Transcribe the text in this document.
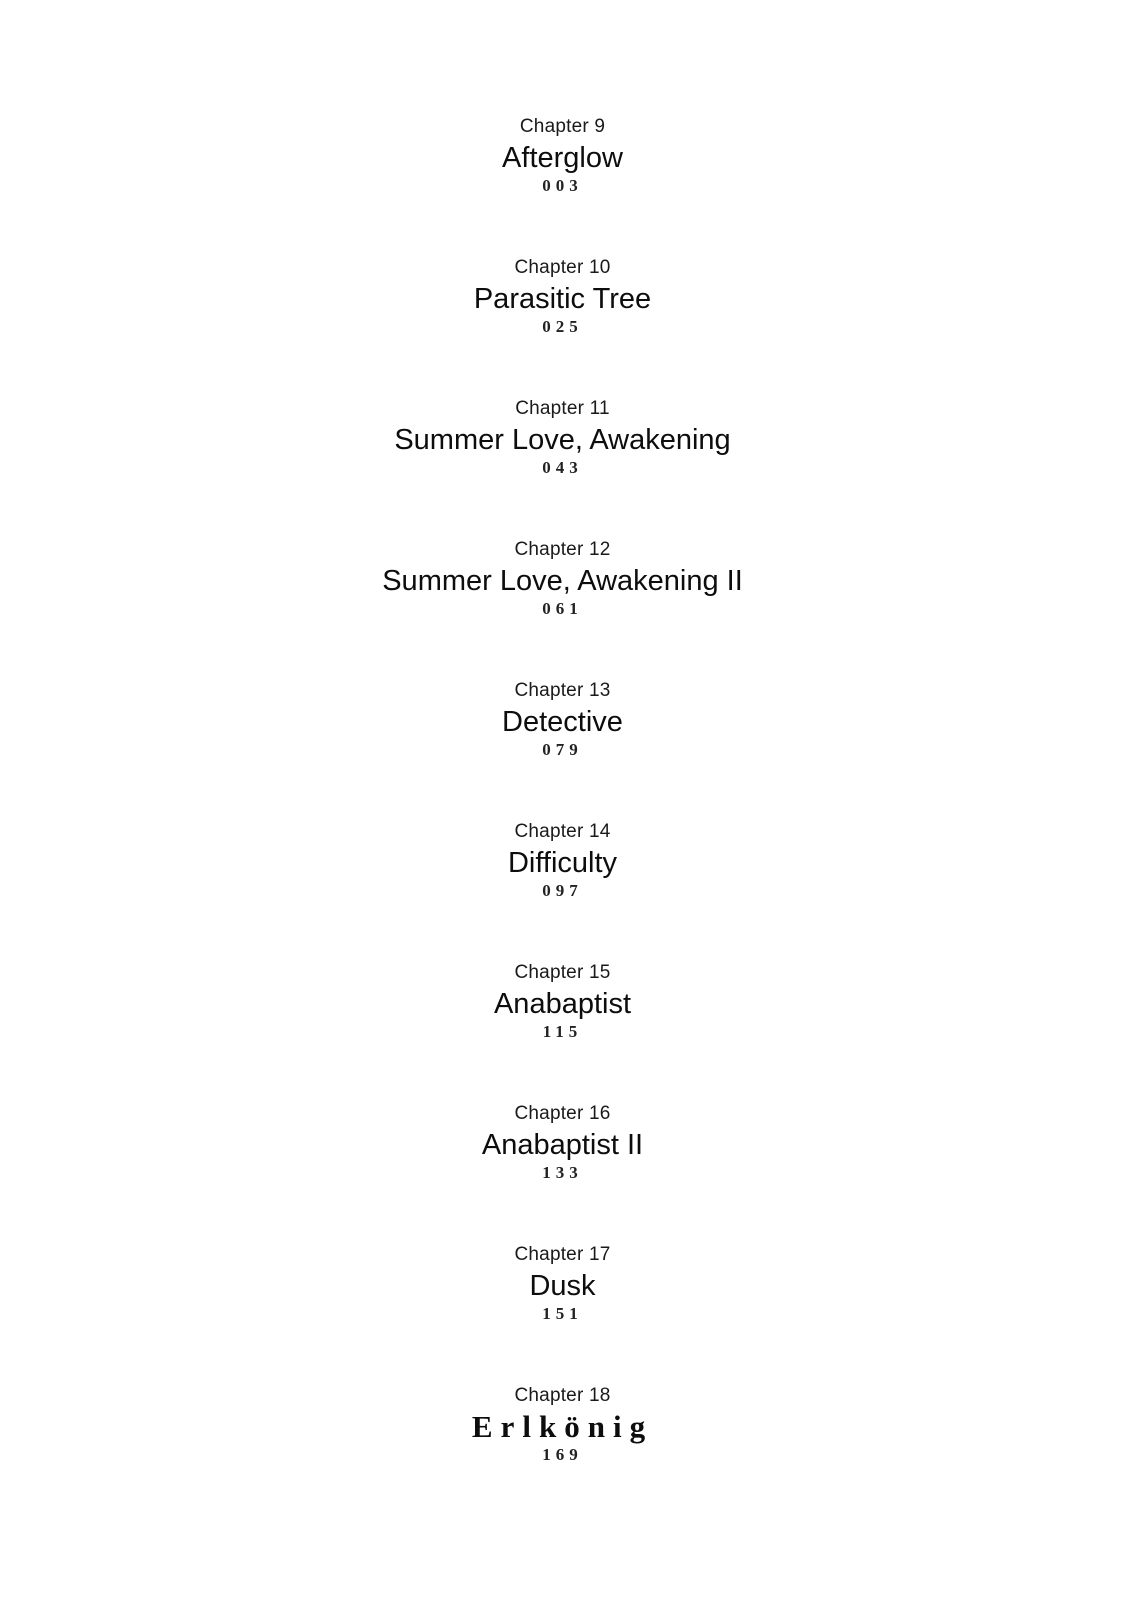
Chapter 9
Afterglow
003
Chapter 10
Parasitic Tree
025
Chapter 11
Summer Love, Awakening
043
Chapter 12
Summer Love, Awakening II
061
Chapter 13
Detective
079
Chapter 14
Difficulty
097
Chapter 15
Anabaptist
115
Chapter 16
Anabaptist II
133
Chapter 17
Dusk
151
Chapter 18
Erlkönig
169
